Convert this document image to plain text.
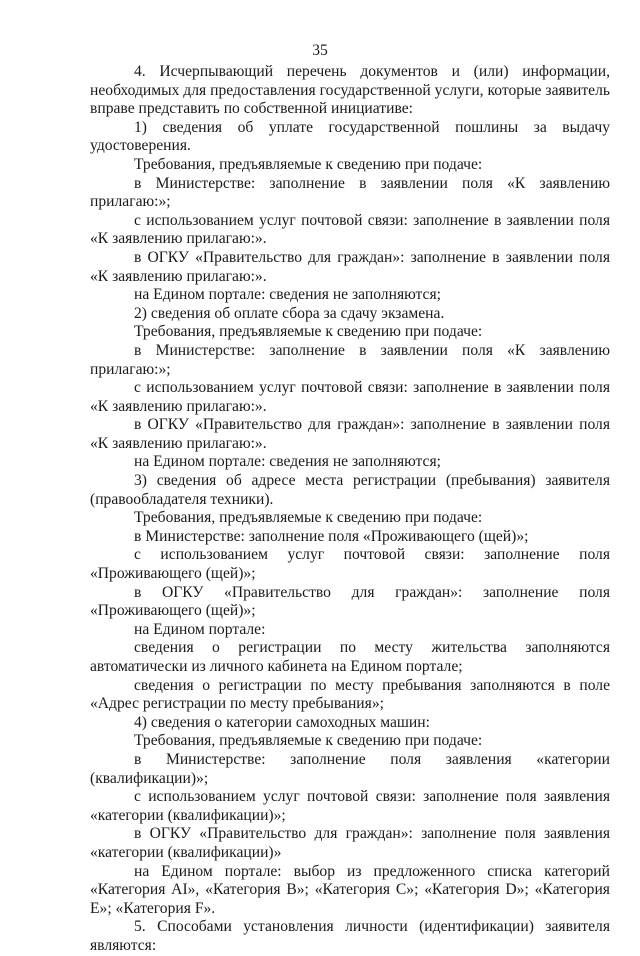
35

4. Исчерпывающий перечень документов и (или) информации, необходимых для предоставления государственной услуги, которые заявитель вправе представить по собственной инициативе:

1) сведения об уплате государственной пошлины за выдачу удостоверения.

Требования, предъявляемые к сведению при подаче:

в Министерстве: заполнение в заявлении поля «К заявлению прилагаю:»;

с использованием услуг почтовой связи: заполнение в заявлении поля «К заявлению прилагаю:».

в ОГКУ «Правительство для граждан»: заполнение в заявлении поля «К заявлению прилагаю:».

на Едином портале: сведения не заполняются;

2) сведения об оплате сбора за сдачу экзамена.

Требования, предъявляемые к сведению при подаче:

в Министерстве: заполнение в заявлении поля «К заявлению прилагаю:»;

с использованием услуг почтовой связи: заполнение в заявлении поля «К заявлению прилагаю:».

в ОГКУ «Правительство для граждан»: заполнение в заявлении поля «К заявлению прилагаю:».

на Едином портале: сведения не заполняются;

3) сведения об адресе места регистрации (пребывания) заявителя (правообладателя техники).

Требования, предъявляемые к сведению при подаче:

в Министерстве: заполнение поля «Проживающего (щей)»;

с использованием услуг почтовой связи: заполнение поля «Проживающего (щей)»;

в ОГКУ «Правительство для граждан»: заполнение поля «Проживающего (щей)»;

на Едином портале:

сведения о регистрации по месту жительства заполняются автоматически из личного кабинета на Едином портале;

сведения о регистрации по месту пребывания заполняются в поле «Адрес регистрации по месту пребывания»;

4) сведения о категории самоходных машин:

Требования, предъявляемые к сведению при подаче:

в Министерстве: заполнение поля заявления «категории (квалификации)»;

с использованием услуг почтовой связи: заполнение поля заявления «категории (квалификации)»;

в ОГКУ «Правительство для граждан»: заполнение поля заявления «категории (квалификации)»

на Едином портале: выбор из предложенного списка категорий «Категория AI», «Категория B»; «Категория C»; «Категория D»; «Категория E»; «Категория F».

5. Способами установления личности (идентификации) заявителя являются:
